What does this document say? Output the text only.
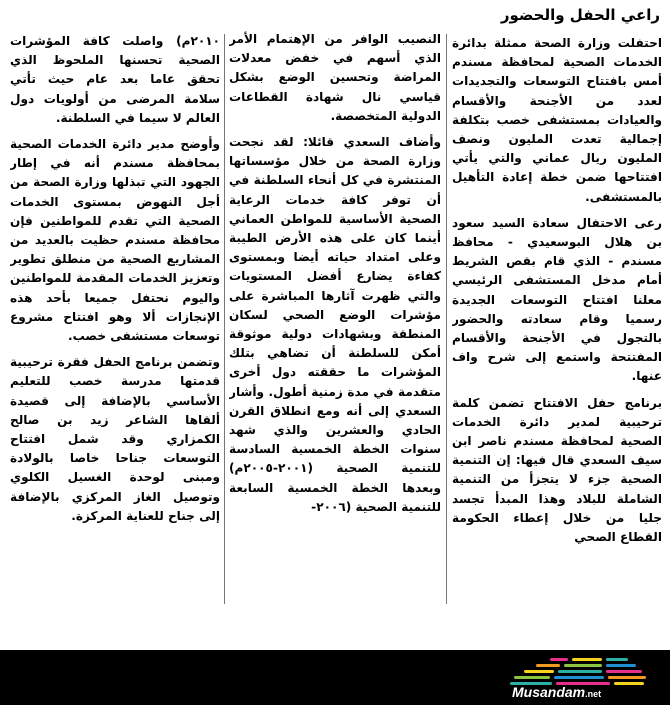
راعي الحفل والحضور

احتفلت وزارة الصحة ممثلة بدائرة الخدمات الصحية لمحافظة مسندم أمس بافتتاح التوسعات والتجديدات لعدد من الأجنحة والأقسام والعيادات بمستشفى خصب بتكلفة إجمالية تعدت المليون ونصف المليون ريال عماني والتي يأتي افتتاحها ضمن خطة إعادة التأهيل بالمستشفى.

رعى الاحتفال سعادة السيد سعود بن هلال البوسعيدي - محافظ مسندم - الذي قام بقص الشريط أمام مدخل المستشفى الرئيسي معلنا افتتاح التوسعات الجديدة رسميا وقام سعادته والحضور بالتجول في الأجنحة والأقسام المفتتحة واستمع إلى شرح واف عنها.

برنامج حفل الافتتاح تضمن كلمة ترحيبية لمدير دائرة الخدمات الصحية لمحافظة مسندم ناصر ابن سيف السعدي قال فيها: إن التنمية الصحية جزء لا يتجزأ من التنمية الشاملة للبلاد وهذا المبدأ تجسد جليا من خلال إعطاء الحكومة القطاع الصحي

النصيب الوافر من الإهتمام الأمر الذي أسهم في خفض معدلات المراضة وتحسين الوضع بشكل قياسي نال شهادة القطاعات الدولية المتخصصة.

وأضاف السعدي قائلا: لقد نجحت وزارة الصحة من خلال مؤسساتها المنتشرة في كل أنحاء السلطنة في أن توفر كافة خدمات الرعاية الصحية الأساسية للمواطن العماني أينما كان على هذه الأرض الطيبة وعلى امتداد حياته أيضا وبمستوى كفاءة يضارع أفضل المستويات والتي ظهرت آثارها المباشرة على مؤشرات الوضع الصحي لسكان المنطقة وبشهادات دولية موثوقة أمكن للسلطنة أن تضاهي بتلك المؤشرات ما حققته دول أخرى متقدمة في مدة زمنية أطول. وأشار السعدي إلى أنه ومع انطلاق القرن الحادي والعشرين والذي شهد سنوات الخطة الخمسية السادسة للتنمية الصحية (٢٠٠١-٢٠٠٥م) وبعدها الخطة الخمسية السابعة للتنمية الصحية (٢٠٠٦-

٢٠١٠م) واصلت كافة المؤشرات الصحية تحسنها الملحوظ الذي تحقق عاما بعد عام حيث تأتي سلامة المرضى من أولويات دول العالم لا سيما في السلطنة.

وأوضح مدير دائرة الخدمات الصحية بمحافظة مسندم أنه في إطار الجهود التي تبذلها وزارة الصحة من أجل النهوض بمستوى الخدمات الصحية التي تقدم للمواطنين فإن محافظة مسندم حظيت بالعديد من المشاريع الصحية من منطلق تطوير وتعزيز الخدمات المقدمة للمواطنين واليوم نحتفل جميعا بأحد هذه الإنجازات ألا وهو افتتاح مشروع توسعات مستشفى خصب.

وتضمن برنامج الحفل فقرة ترحيبية قدمتها مدرسة خصب للتعليم الأساسي بالإضافة إلى قصيدة ألقاها الشاعر زيد بن صالح الكمزاري وقد شمل افتتاح التوسعات جناحا خاصا بالولادة ومبنى لوحدة الغسيل الكلوي وتوصيل الغاز المركزي بالإضافة إلى جناح للعناية المركزة.

Musandam.net
